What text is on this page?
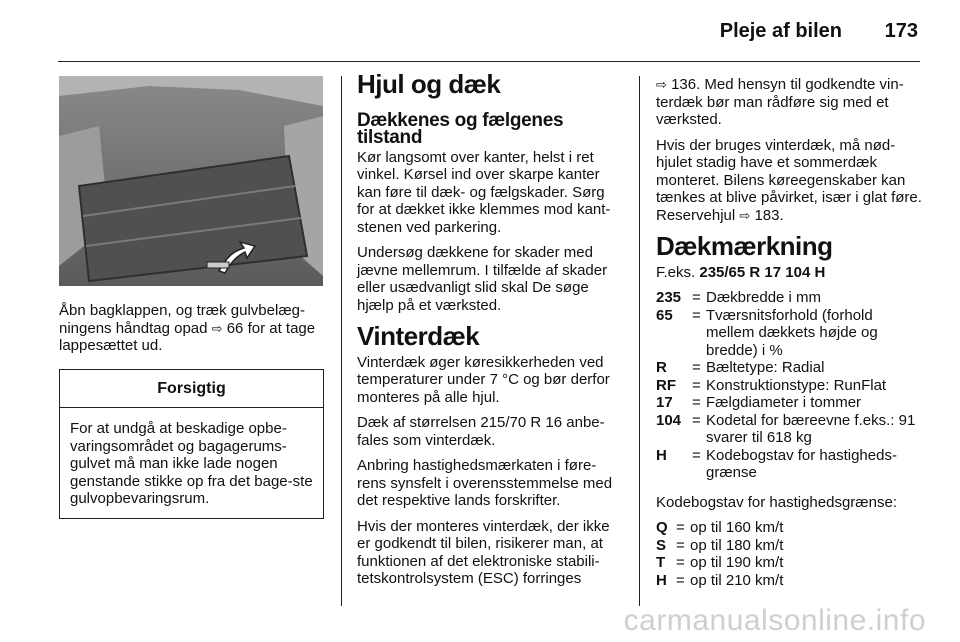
Pleje af bilen 173

Åbn bagklappen, og træk gulvbelæg-ningens håndtag opad ⇨ 66 for at tage lappesættet ud.

Forsigtig
For at undgå at beskadige opbe-varingsområdet og bagagerums-gulvet må man ikke lade nogen genstande stikke op fra det bage-ste gulvopbevaringsrum.
Hjul og dæk
Dækkenes og fælgenes tilstand

Kør langsomt over kanter, helst i ret vinkel. Kørsel ind over skarpe kanter kan føre til dæk- og fælgskader. Sørg for at dækket ikke klemmes mod kant-stenen ved parkering.

Undersøg dækkene for skader med jævne mellemrum. I tilfælde af skader eller usædvanligt slid skal De søge hjælp på et værksted.

Vinterdæk

Vinterdæk øger køresikkerheden ved temperaturer under 7 °C og bør derfor monteres på alle hjul.

Dæk af størrelsen 215/70 R 16 anbe-fales som vinterdæk.

Anbring hastighedsmærkaten i føre-rens synsfelt i overensstemmelse med det respektive lands forskrifter.

Hvis der monteres vinterdæk, der ikke er godkendt til bilen, risikerer man, at funktionen af det elektroniske stabili-tetskontrolsystem (ESC) forringes

⇨ 136. Med hensyn til godkendte vin-terdæk bør man rådføre sig med et værksted.

Hvis der bruges vinterdæk, må nød-hjulet stadig have et sommerdæk monteret. Bilens køreegenskaber kan tænkes at blive påvirket, især i glat føre. Reservehjul ⇨ 183.

Dækmærkning

F.eks. 235/65 R 17 104 H

235 = Dækbredde i mm
65	= Tværsnitsforhold (forhold mellem dækkets højde og bredde) i %
R	= Bæltetype: Radial
RF	= Konstruktionstype: RunFlat
17	= Fælgdiameter i tommer
104 = Kodetal for bæreevne f.eks.: 91 svarer til 618 kg
H	= Kodebogstav for hastigheds-grænse

Kodebogstav for hastighedsgrænse:

Q = op til 160 km/t
S = op til 180 km/t
T = op til 190 km/t
H = op til 210 km/t
carmanualsonline.info
